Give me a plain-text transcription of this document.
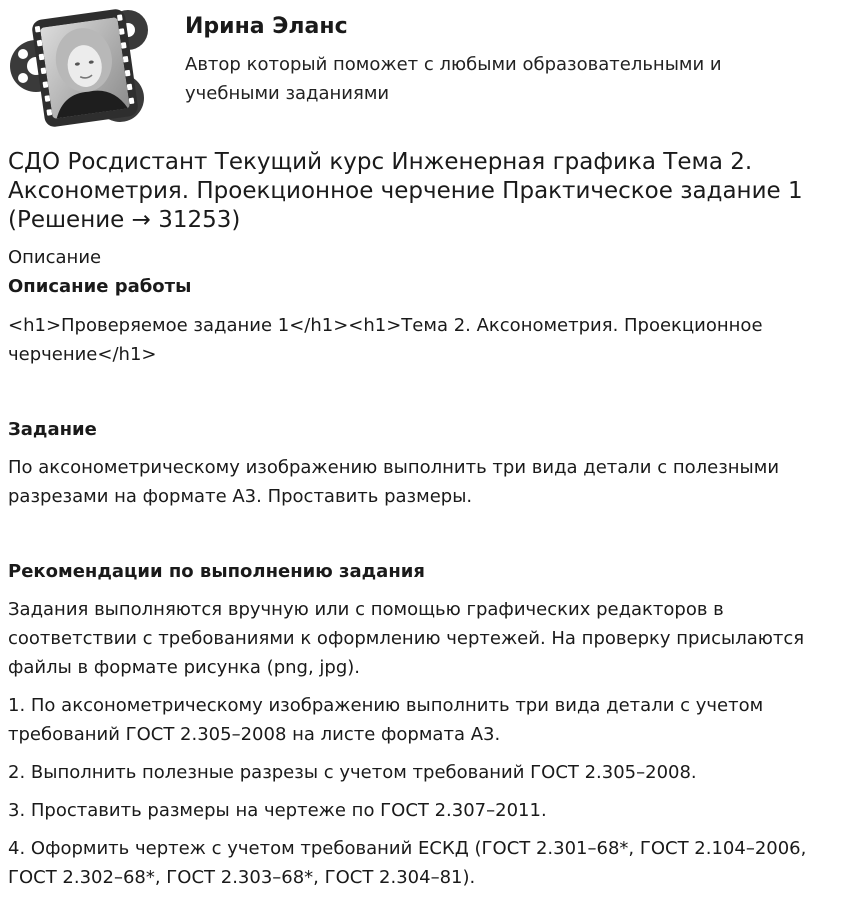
Ирина Эланс
Автор который поможет с любыми образовательными и учебными заданиями
СДО Росдистант Текущий курс Инженерная графика Тема 2. Аксонометрия. Проекционное черчение Практическое задание 1 (Решение → 31253)
Описание
Описание работы

<h1>Проверяемое задание 1</h1><h1>Тема 2. Аксонометрия. Проекционное черчение</h1>

Задание

По аксонометрическому изображению выполнить три вида детали с полезными разрезами на формате А3. Проставить размеры.

Рекомендации по выполнению задания

Задания выполняются вручную или с помощью графических редакторов в соответствии с требованиями к оформлению чертежей. На проверку присылаются файлы в формате рисунка (png, jpg).

1. По аксонометрическому изображению выполнить три вида детали с учетом требований ГОСТ 2.305–2008 на листе формата А3.

2. Выполнить полезные разрезы с учетом требований ГОСТ 2.305–2008.

3. Проставить размеры на чертеже по ГОСТ 2.307–2011.

4. Оформить чертеж с учетом требований ЕСКД (ГОСТ 2.301–68*, ГОСТ 2.104–2006, ГОСТ 2.302–68*, ГОСТ 2.303–68*, ГОСТ 2.304–81).
